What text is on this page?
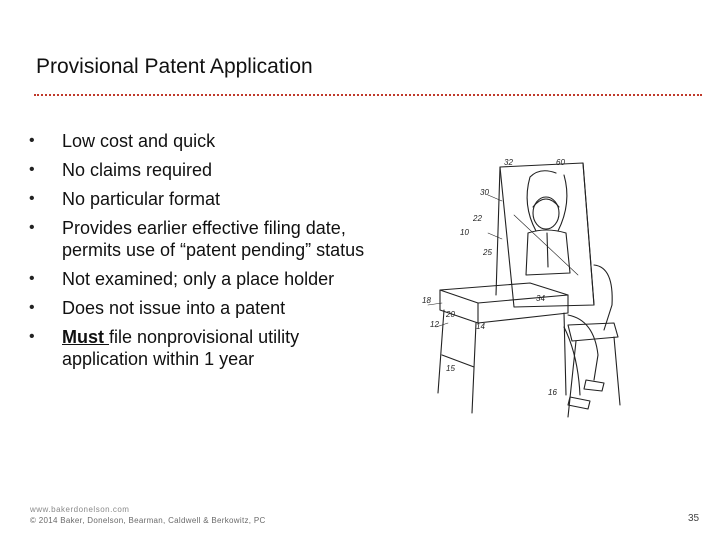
Provisional Patent Application
• Low cost and quick
• No claims required
• No particular format
• Provides earlier effective filing date, permits use of “patent pending” status
• Not examined; only a place holder
• Does not issue into a patent
• Must file nonprovisional utility application within 1 year
32	60
30
22
10
25
18
20
12	14
34
15
16
www.bakerdonelson.com
© 2014 Baker, Donelson, Bearman, Caldwell & Berkowitz, PC	35
